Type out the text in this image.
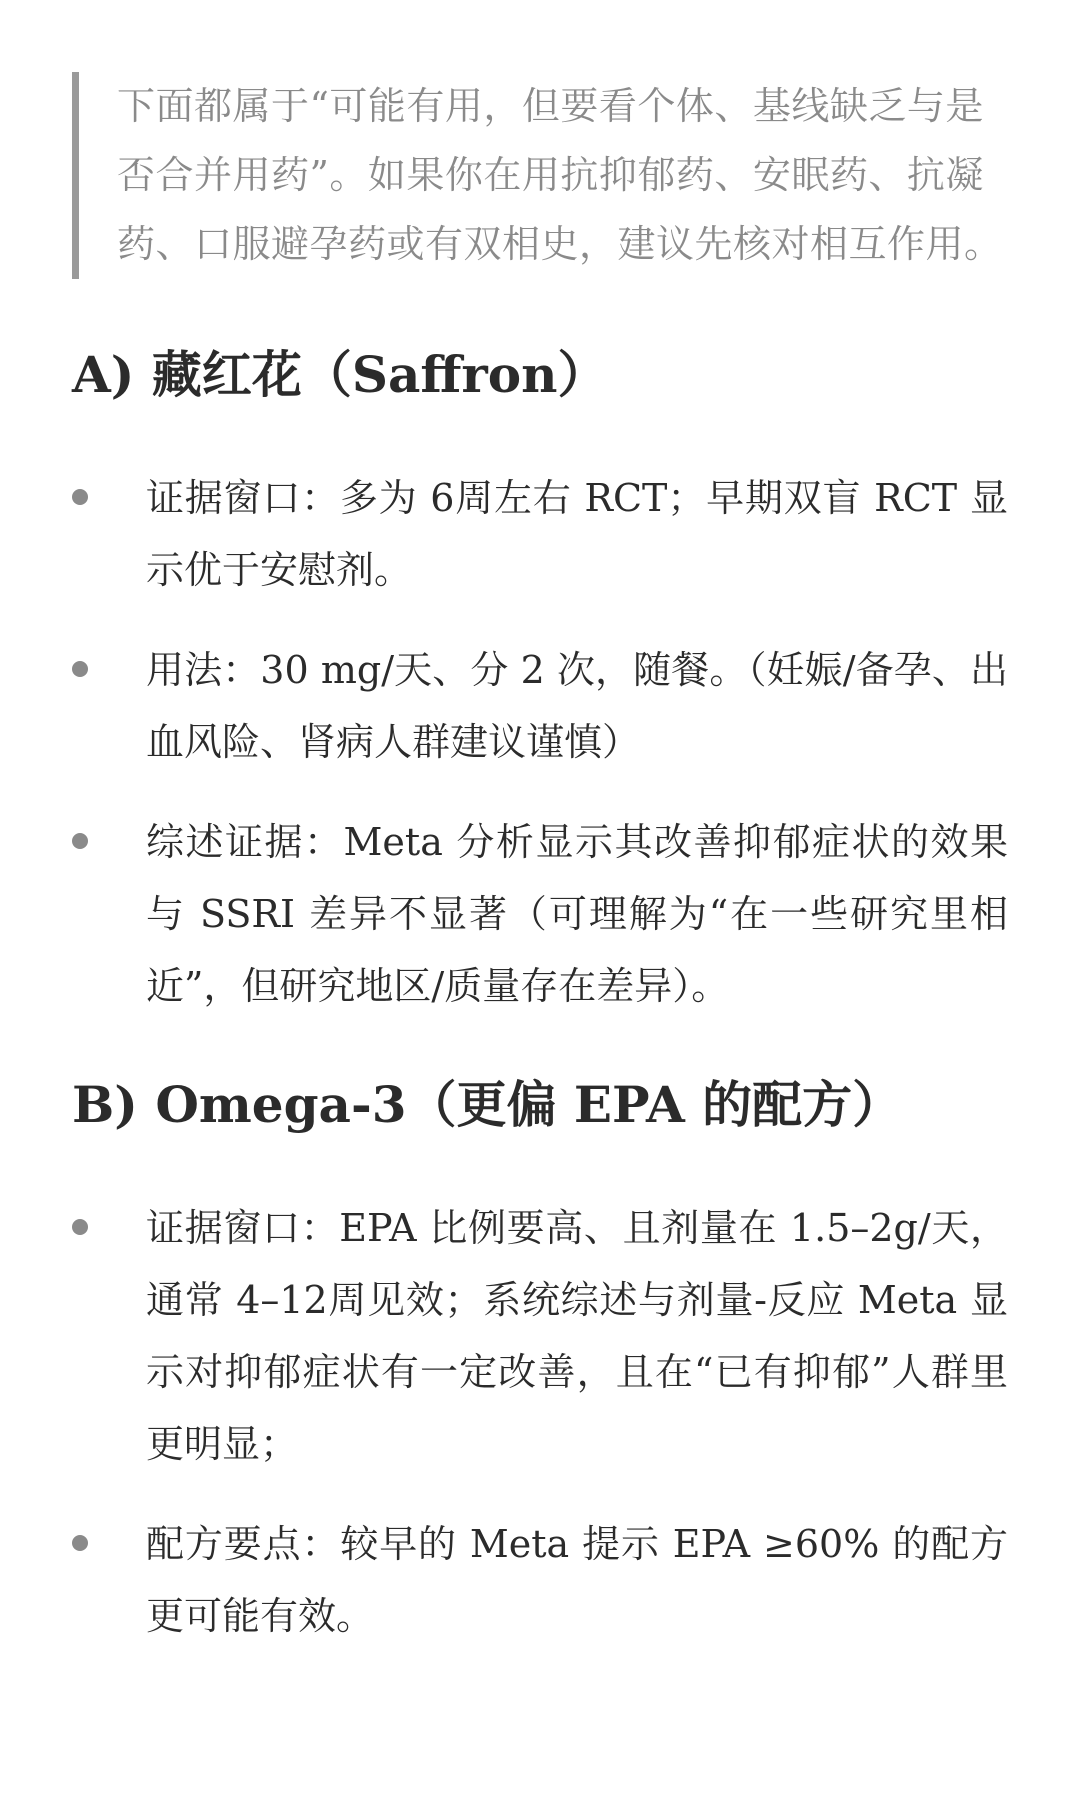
下面都属于“可能有用，但要看个体、基线缺乏与是否合并用药”。如果你在用抗抑郁药、安眠药、抗凝药、口服避孕药或有双相史，建议先核对相互作用。

A) 藏红花（Saffron）
证据窗口：多为 6周左右 RCT；早期双盲 RCT 显示优于安慰剂。
用法：30 mg/天、分 2 次，随餐。（妊娠/备孕、出血风险、肾病人群建议谨慎）
综述证据：Meta 分析显示其改善抑郁症状的效果与 SSRI 差异不显著（可理解为“在一些研究里相近”，但研究地区/质量存在差异）。
B) Omega-3（更偏 EPA 的配方）
证据窗口：EPA 比例要高、且剂量在 1.5–2g/天，通常 4–12周见效；系统综述与剂量-反应 Meta 显示对抑郁症状有一定改善，且在“已有抑郁”人群里更明显；
配方要点：较早的 Meta 提示 EPA ≥60% 的配方更可能有效。
